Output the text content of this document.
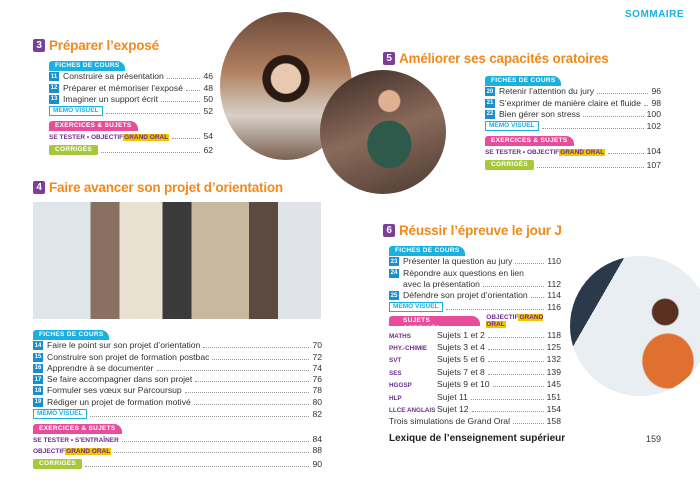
SOMMAIRE
3 Préparer l’exposé
FICHES DE COURS
11 Construire sa présentation	46
12 Préparer et mémoriser l’exposé 48
13 Imaginer un support écrit	50
MÉMO VISUEL	52
EXERCICES & SUJETS
SE TESTER • OBJECTIFGRAND ORAL	54
CORRIGÉS	62
5 Améliorer ses capacités oratoires
FICHES DE COURS
20 Retenir l’attention du jury	96
21 S’exprimer de manière claire et fluide 98
22 Bien gérer son stress	100
MÉMO VISUEL	102
EXERCICES & SUJETS
SE TESTER • OBJECTIFGRAND ORAL	104
CORRIGÉS	107
4 Faire avancer son projet d’orientation
FICHES DE COURS
14 Faire le point sur son projet d’orientation	70
15 Construire son projet de formation postbac	72
16 Apprendre à se documenter	74
17 Se faire accompagner dans son projet	76
18 Formuler ses vœux sur Parcoursup	78
19 Rédiger un projet de formation motivé	80
MÉMO VISUEL	82
EXERCICES & SUJETS
SE TESTER • S'ENTRAÎNER	84
OBJECTIFGRAND ORAL	88
CORRIGÉS	90
6 Réussir l’épreuve le jour J
FICHES DE COURS
23 Présenter la question au jury	110
24 Répondre aux questions en lien
avec la présentation	112
25 Défendre son projet d’orientation 114
MÉMO VISUEL	116
SUJETS CORRIGÉS
OBJECTIFGRAND ORAL
MATHS	Sujets 1 et 2	118
PHY.-CHIMIE	Sujets 3 et 4	125
SVT	Sujets 5 et 6	132
SES	Sujets 7 et 8	139
HGGSP	Sujets 9 et 10	145
HLP	Sujet 11	151
LLCE ANGLAIS Sujet 12	154
Trois simulations de Grand Oral	158
Lexique de l’enseignement supérieur	159
